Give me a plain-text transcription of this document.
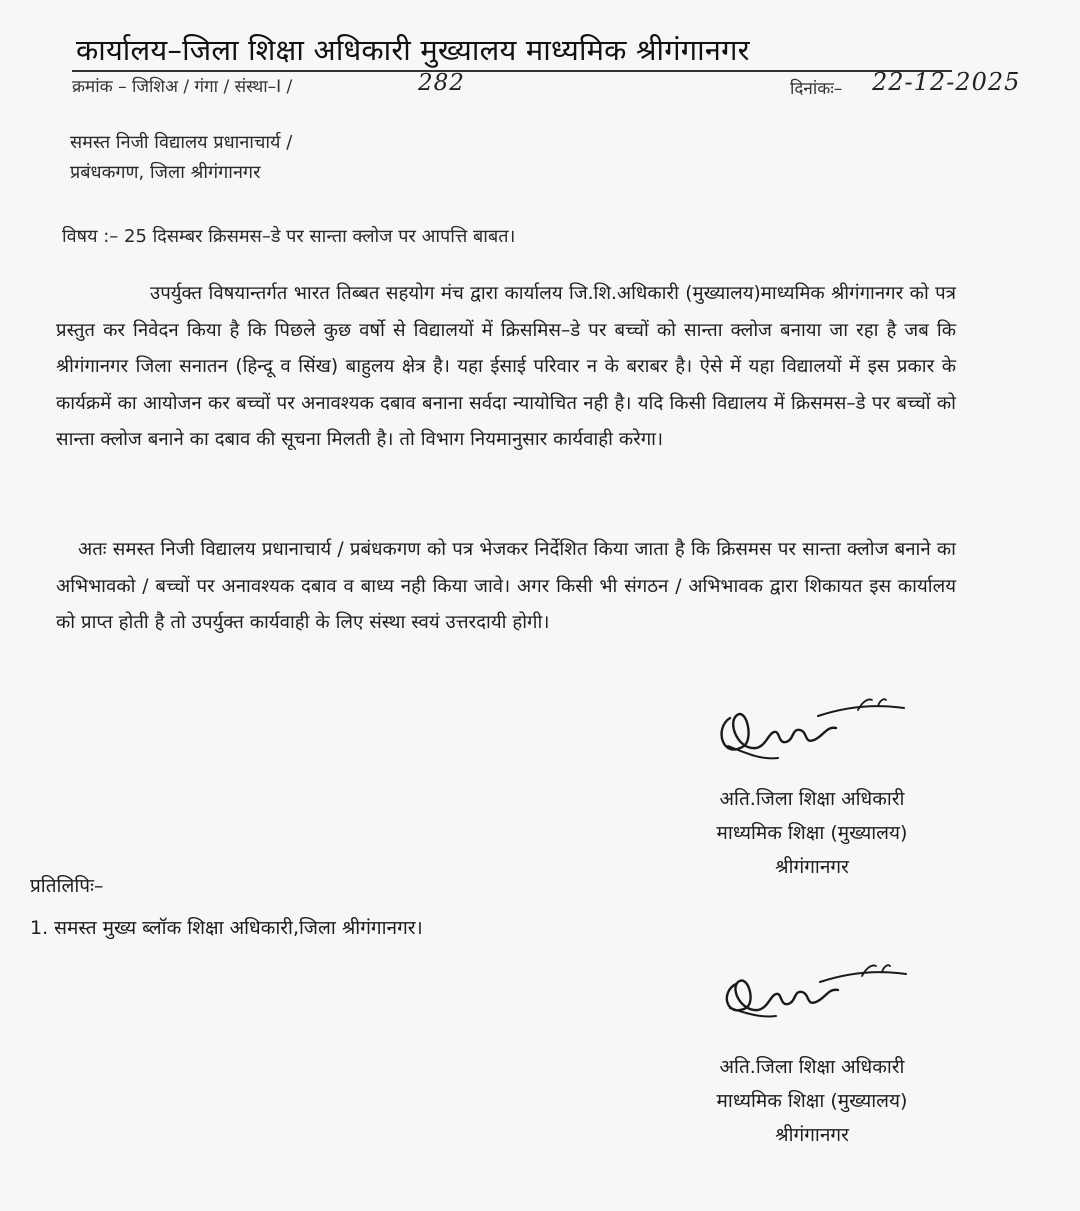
कार्यालय–जिला शिक्षा अधिकारी मुख्यालय माध्यमिक श्रीगंगानगर
क्रमांक – जिशिअ / गंगा / संस्था–I /	282	दिनांकः– 22-12-2025
समस्त निजी विद्यालय प्रधानाचार्य /
प्रबंधकगण, जिला श्रीगंगानगर
विषय :– 25 दिसम्बर क्रिसमस–डे पर सान्ता क्लोज पर आपत्ति बाबत।
उपर्युक्त विषयान्तर्गत भारत तिब्बत सहयोग मंच द्वारा कार्यालय जि.शि.अधिकारी (मुख्यालय)माध्यमिक श्रीगंगानगर को पत्र प्रस्तुत कर निवेदन किया है कि पिछले कुछ वर्षो से विद्यालयों में क्रिसमिस–डे पर बच्चों को सान्ता क्लोज बनाया जा रहा है जब कि श्रीगंगानगर जिला सनातन (हिन्दू व सिंख) बाहुलय क्षेत्र है। यहा ईसाई परिवार न के बराबर है। ऐसे में यहा विद्यालयों में इस प्रकार के कार्यक्रमें का आयोजन कर बच्चों पर अनावश्यक दबाव बनाना सर्वदा न्यायोचित नही है। यदि किसी विद्यालय में क्रिसमस–डे पर बच्चों को सान्ता क्लोज बनाने का दबाव की सूचना मिलती है। तो विभाग नियमानुसार कार्यवाही करेगा।
अतः समस्त निजी विद्यालय प्रधानाचार्य / प्रबंधकगण को पत्र भेजकर निर्देशित किया जाता है कि क्रिसमस पर सान्ता क्लोज बनाने का अभिभावको / बच्चों पर अनावश्यक दबाव व बाध्य नही किया जावे। अगर किसी भी संगठन / अभिभावक द्वारा शिकायत इस कार्यालय को प्राप्त होती है तो उपर्युक्त कार्यवाही के लिए संस्था स्वयं उत्तरदायी होगी।
अति.जिला शिक्षा अधिकारी
माध्यमिक शिक्षा (मुख्यालय)
श्रीगंगानगर
प्रतिलिपिः–
1. समस्त मुख्य ब्लॉक शिक्षा अधिकारी,जिला श्रीगंगानगर।
अति.जिला शिक्षा अधिकारी
माध्यमिक शिक्षा (मुख्यालय)
श्रीगंगानगर
